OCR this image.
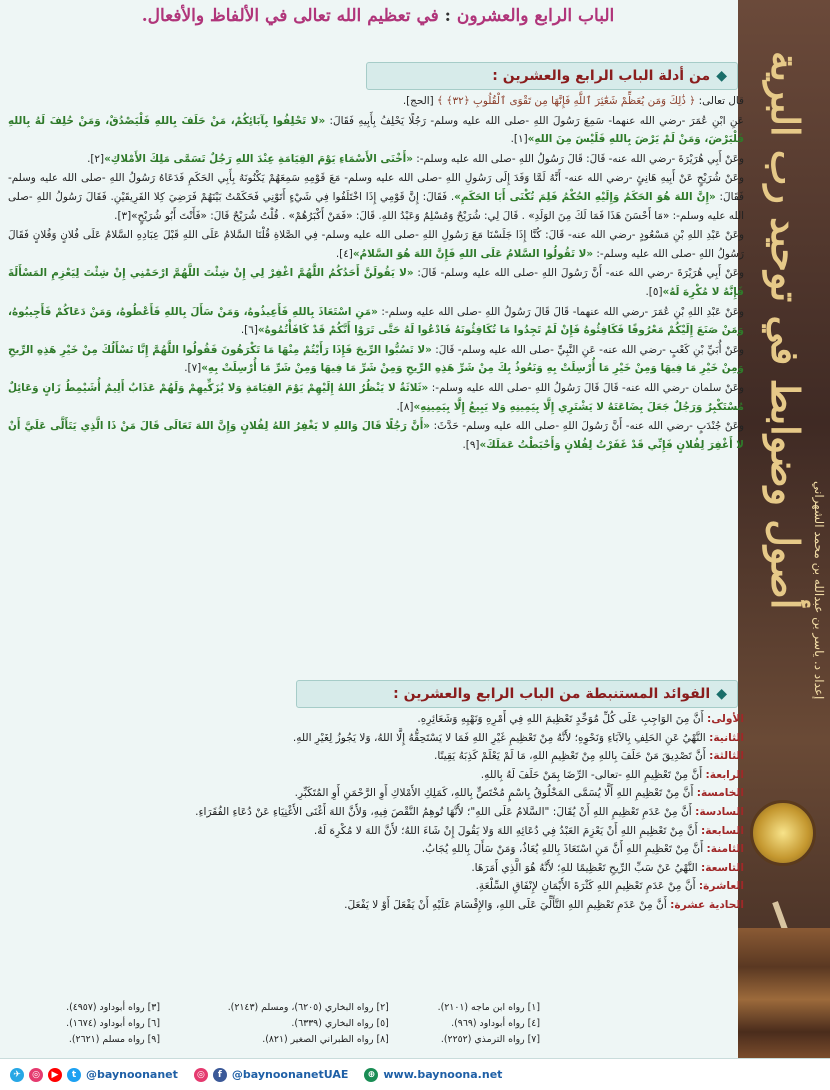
أصول وضوابط في توحيد رب البرية إعداد د. ياسر بن عبدالله بن محمد الشهراني
الباب الرابع والعشرون : في تعظيم الله تعالى في الألفاظ والأفعال.
◆من أدلة الباب الرابع والعشرين :

قال تعالى: ﴿ ذَٰلِكَ وَمَن يُعَظِّمْ شَعَٰٓئِرَ ٱللَّهِ فَإِنَّهَا مِن تَقْوَى ٱلْقُلُوبِ ﴿٣٢﴾ ﴾ [الحج].

عَنِ ابْنِ عُمَرَ -رضي الله عنهما- سَمِعَ رَسُولَ اللهِ -صلى الله عليه وسلم- رَجُلًا يَحْلِفُ بِأَبِيهِ فَقَالَ: «لا تَحْلِفُوا بِآبَائِكُمْ، مَنْ حَلَفَ بِاللهِ فَلْيَصْدُقْ، وَمَنْ حُلِفَ لَهُ بِاللهِ فَلْيَرْضَ، وَمَنْ لَمْ يَرْضَ بِاللهِ فَلَيْسَ مِنَ اللهِ»[١].

وعَنْ أَبِي هُرَيْرَةَ -رضي الله عنه- قَالَ: قَالَ رَسُولُ اللهِ -صلى الله عليه وسلم-: «أَخْنَى الأَسْمَاءِ يَوْمَ القِيَامَةِ عِنْدَ اللهِ رَجُلٌ تَسَمَّى مَلِكَ الأَمْلاكِ»[٢].

وعَنْ شُرَيْحٍ عَنْ أَبِيهِ هَانِئٍ -رضي الله عنه- أَنَّهُ لَمَّا وَفَدَ إِلَى رَسُولِ اللهِ -صلى الله عليه وسلم- مَعَ قَوْمِهِ سَمِعَهُمْ يَكْنُونَهُ بِأَبِي الحَكَمِ فَدَعَاهُ رَسُولُ اللهِ -صلى الله عليه وسلم- فَقَالَ: «إِنَّ اللهَ هُوَ الحَكَمُ وَإِلَيْهِ الحُكْمُ فَلِمَ تُكْنَى أَبَا الحَكَمِ». فَقَالَ: إِنَّ قَوْمِي إِذَا اخْتَلَفُوا فِي شَيْءٍ أَتَوْنِي فَحَكَمْتُ بَيْنَهُمْ فَرَضِيَ كِلا الفَرِيقَيْنِ. فَقَالَ رَسُولُ اللهِ -صلى الله عليه وسلم-: «مَا أَحْسَنَ هَذَا فَمَا لَكَ مِنَ الوَلَدِ» . قَالَ لِي: شُرَيْحٌ وَمُسْلِمٌ وَعَبْدُ اللهِ. قَالَ: «فَمَنْ أَكْبَرُهُمْ» . قُلْتُ شُرَيْحٌ قَالَ: «فَأَنْتَ أَبُو شُرَيْحٍ»[٣].

وعَنْ عَبْدِ اللهِ بْنِ مَسْعُودٍ -رضي الله عنه- قَالَ: كُنَّا إِذَا جَلَسْنَا مَعَ رَسُولِ اللهِ -صلى الله عليه وسلم- فِي الصَّلاةِ قُلْنَا السَّلامُ عَلَى اللهِ قَبْلَ عِبَادِهِ السَّلامُ عَلَى فُلانٍ وَفُلانٍ فَقَالَ رَسُولُ اللهِ -صلى الله عليه وسلم-: «لا تَقُولُوا السَّلامُ عَلَى اللهِ فَإِنَّ اللهَ هُوَ السَّلامُ»[٤].

وعَنْ أَبِي هُرَيْرَةَ -رضي الله عنه- أَنَّ رَسُولَ اللهِ -صلى الله عليه وسلم- قَالَ: «لا يَقُولَنَّ أَحَدُكُمُ اللَّهُمَّ اغْفِرْ لِي إِنْ شِئْتَ اللَّهُمَّ ارْحَمْنِي إِنْ شِئْتَ لِيَعْزِمِ المَسْأَلَةَ فَإِنَّهُ لا مُكْرِهَ لَهُ»[٥].

وعَنْ عَبْدِ اللهِ بْنِ عُمَرَ -رضي الله عنهما- قَالَ قَالَ رَسُولُ اللهِ -صلى الله عليه وسلم-: «مَنِ اسْتَعَاذَ بِاللهِ فَأَعِيذُوهُ، وَمَنْ سَأَلَ بِاللهِ فَأَعْطُوهُ، وَمَنْ دَعَاكُمْ فَأَجِيبُوهُ، وَمَنْ صَنَعَ إِلَيْكُمْ مَعْرُوفًا فَكَافِئُوهُ فَإِنْ لَمْ تَجِدُوا مَا تُكَافِئُونَهُ فَادْعُوا لَهُ حَتَّى تَرَوْا أَنَّكُمْ قَدْ كَافَأْتُمُوهُ»[٦].

وعَنْ أُبَيِّ بْنِ كَعْبٍ -رضي الله عنه- عَنِ النَّبِيِّ -صلى الله عليه وسلم- قَالَ: «لا تَسُبُّوا الرِّيحَ فَإِذَا رَأَيْتُمْ مِنْهَا مَا تَكْرَهُونَ فَقُولُوا اللَّهُمَّ إِنَّا نَسْأَلُكَ مِنْ خَيْرِ هَذِهِ الرِّيحِ وَمِنْ خَيْرِ مَا فِيهَا وَمِنْ خَيْرِ مَا أُرْسِلَتْ بِهِ وَنَعُوذُ بِكَ مِنْ شَرِّ هَذِهِ الرِّيحِ وَمِنْ شَرِّ مَا فِيهَا وَمِنْ شَرِّ مَا أُرْسِلَتْ بِهِ»[٧].

وعَنْ سلمان -رضي الله عنه- قَالَ قَالَ رَسُولُ اللهِ -صلى الله عليه وسلم-: «ثَلاثَةٌ لا يَنْظُرُ اللهُ إِلَيْهِمْ يَوْمَ القِيَامَةِ وَلا يُزَكِّيهِمْ وَلَهُمْ عَذَابٌ أَلِيمٌ أُشَيْمِطُ زَانٍ وَعَائِلٌ مُسْتَكْبِرٌ وَرَجُلٌ جَعَلَ بِضَاعَتَهُ لا يَشْتَرِي إِلَّا بِيَمِينِهِ وَلا يَبِيعُ إِلَّا بِيَمِينِهِ»[٨].

وعَنْ جُنْدَبٍ -رضي الله عنه- أَنَّ رَسُولَ اللهِ -صلى الله عليه وسلم- حَدَّثَ: «أَنَّ رَجُلًا قَالَ وَاللهِ لا يَغْفِرُ اللهُ لِفُلانٍ وَإِنَّ اللهَ تَعَالَى قَالَ مَنْ ذَا الَّذِي يَتَأَلَّى عَلَيَّ أَنْ لا أَغْفِرَ لِفُلانٍ فَإِنِّي قَدْ غَفَرْتُ لِفُلانٍ وَأَحْبَطْتُ عَمَلَكَ»[٩].

◆الفوائد المستنبطة من الباب الرابع والعشرين :

الأولى: أَنَّ مِنَ الوَاجِبِ عَلَى كُلِّ مُوَحِّدٍ تَعْظِيمَ اللهِ فِي أَمْرِهِ وَنَهْيِهِ وَشَعَائِرِهِ.

الثانية: النَّهْيُ عَنِ الحَلِفِ بِالآبَاءِ وَنَحْوِهِ؛ لأَنَّهُ مِنْ تَعْظِيمِ غَيْرِ اللهِ فَمَا لا يَسْتَحِقُّهُ إِلَّا اللهُ، وَلا يَجُوزُ لِغَيْرِ اللهِ.

الثالثة: أَنَّ تَصْدِيقَ مَنْ حَلَفَ بِاللهِ مِنْ تَعْظِيمِ اللهِ، مَا لَمْ يَعْلَمْ كَذِبَهُ يَقِينًا.

الرابعة: أَنَّ مِنْ تَعْظِيمِ اللهِ -تعالى- الرِّضَا بِمَنْ حَلَفَ لَهُ بِاللهِ.

الخامسة: أَنَّ مِنْ تَعْظِيمِ اللهِ أَلَّا يُسَمَّى المَخْلُوقُ بِاسْمٍ مُخْتَصٍّ بِاللهِ، كَمَلِكِ الأَمْلاكِ أَوِ الرَّحْمَنِ أَوِ المُتَكَبِّرِ.

السادسة: أَنَّ مِنْ عَدَمِ تَعْظِيمِ اللهِ أَنْ يُقَالَ: "السَّلامُ عَلَى اللهِ"؛ لأَنَّهَا تُوهِمُ النَّقْصَ فِيهِ، وَلأَنَّ اللهَ أَغْنَى الأَغْنِيَاءِ عَنْ دُعَاءِ الفُقَرَاءِ.

السابعة: أَنَّ مِنْ تَعْظِيمِ اللهِ أَنْ يَعْزِمَ العَبْدُ فِي دُعَائِهِ اللهَ وَلا يَقُولَ إِنْ شَاءَ اللهُ؛ لأَنَّ اللهَ لا مُكْرِهَ لَهُ.

الثامنة: أَنَّ مِنْ تَعْظِيمِ اللهِ أَنَّ مَنِ اسْتَعَاذَ بِاللهِ يُعَاذُ، وَمَنْ سَأَلَ بِاللهِ يُجَابُ.

التاسعة: النَّهْيُ عَنْ سَبِّ الرِّيحِ تَعْظِيمًا للهِ؛ لأَنَّهُ هُوَ الَّذِي أَمَرَهَا.

العاشرة: أَنَّ مِنْ عَدَمِ تَعْظِيمِ اللهِ كَثْرَةَ الأَيْمَانِ لإِنْفَاقِ السِّلْعَةِ.

الحادية عشرة: أَنَّ مِنْ عَدَمِ تَعْظِيمِ اللهِ التَّأَلِّيَ عَلَى اللهِ، وَالإِقْسَامَ عَلَيْهِ أَنْ يَفْعَلَ أَوْ لا يَفْعَلَ.

[١] رواه ابن ماجه (٢١٠١).	[٢] رواه البخاري (٦٢٠٥)، ومسلم (٢١٤٣).	[٣] رواه أبوداود (٤٩٥٧).
[٤] رواه أبوداود (٩٦٩).	[٥] رواه البخاري (٦٣٣٩).	[٦] رواه أبوداود (١٦٧٤).
[٧] رواه الترمذي (٢٢٥٢).	[٨] رواه الطبراني الصغير (٨٢١).	[٩] رواه مسلم (٢٦٢١).
✈	◎	▶	t @baynoonanet	◎	f @baynoonanetUAE	⊕ www.baynoona.net
